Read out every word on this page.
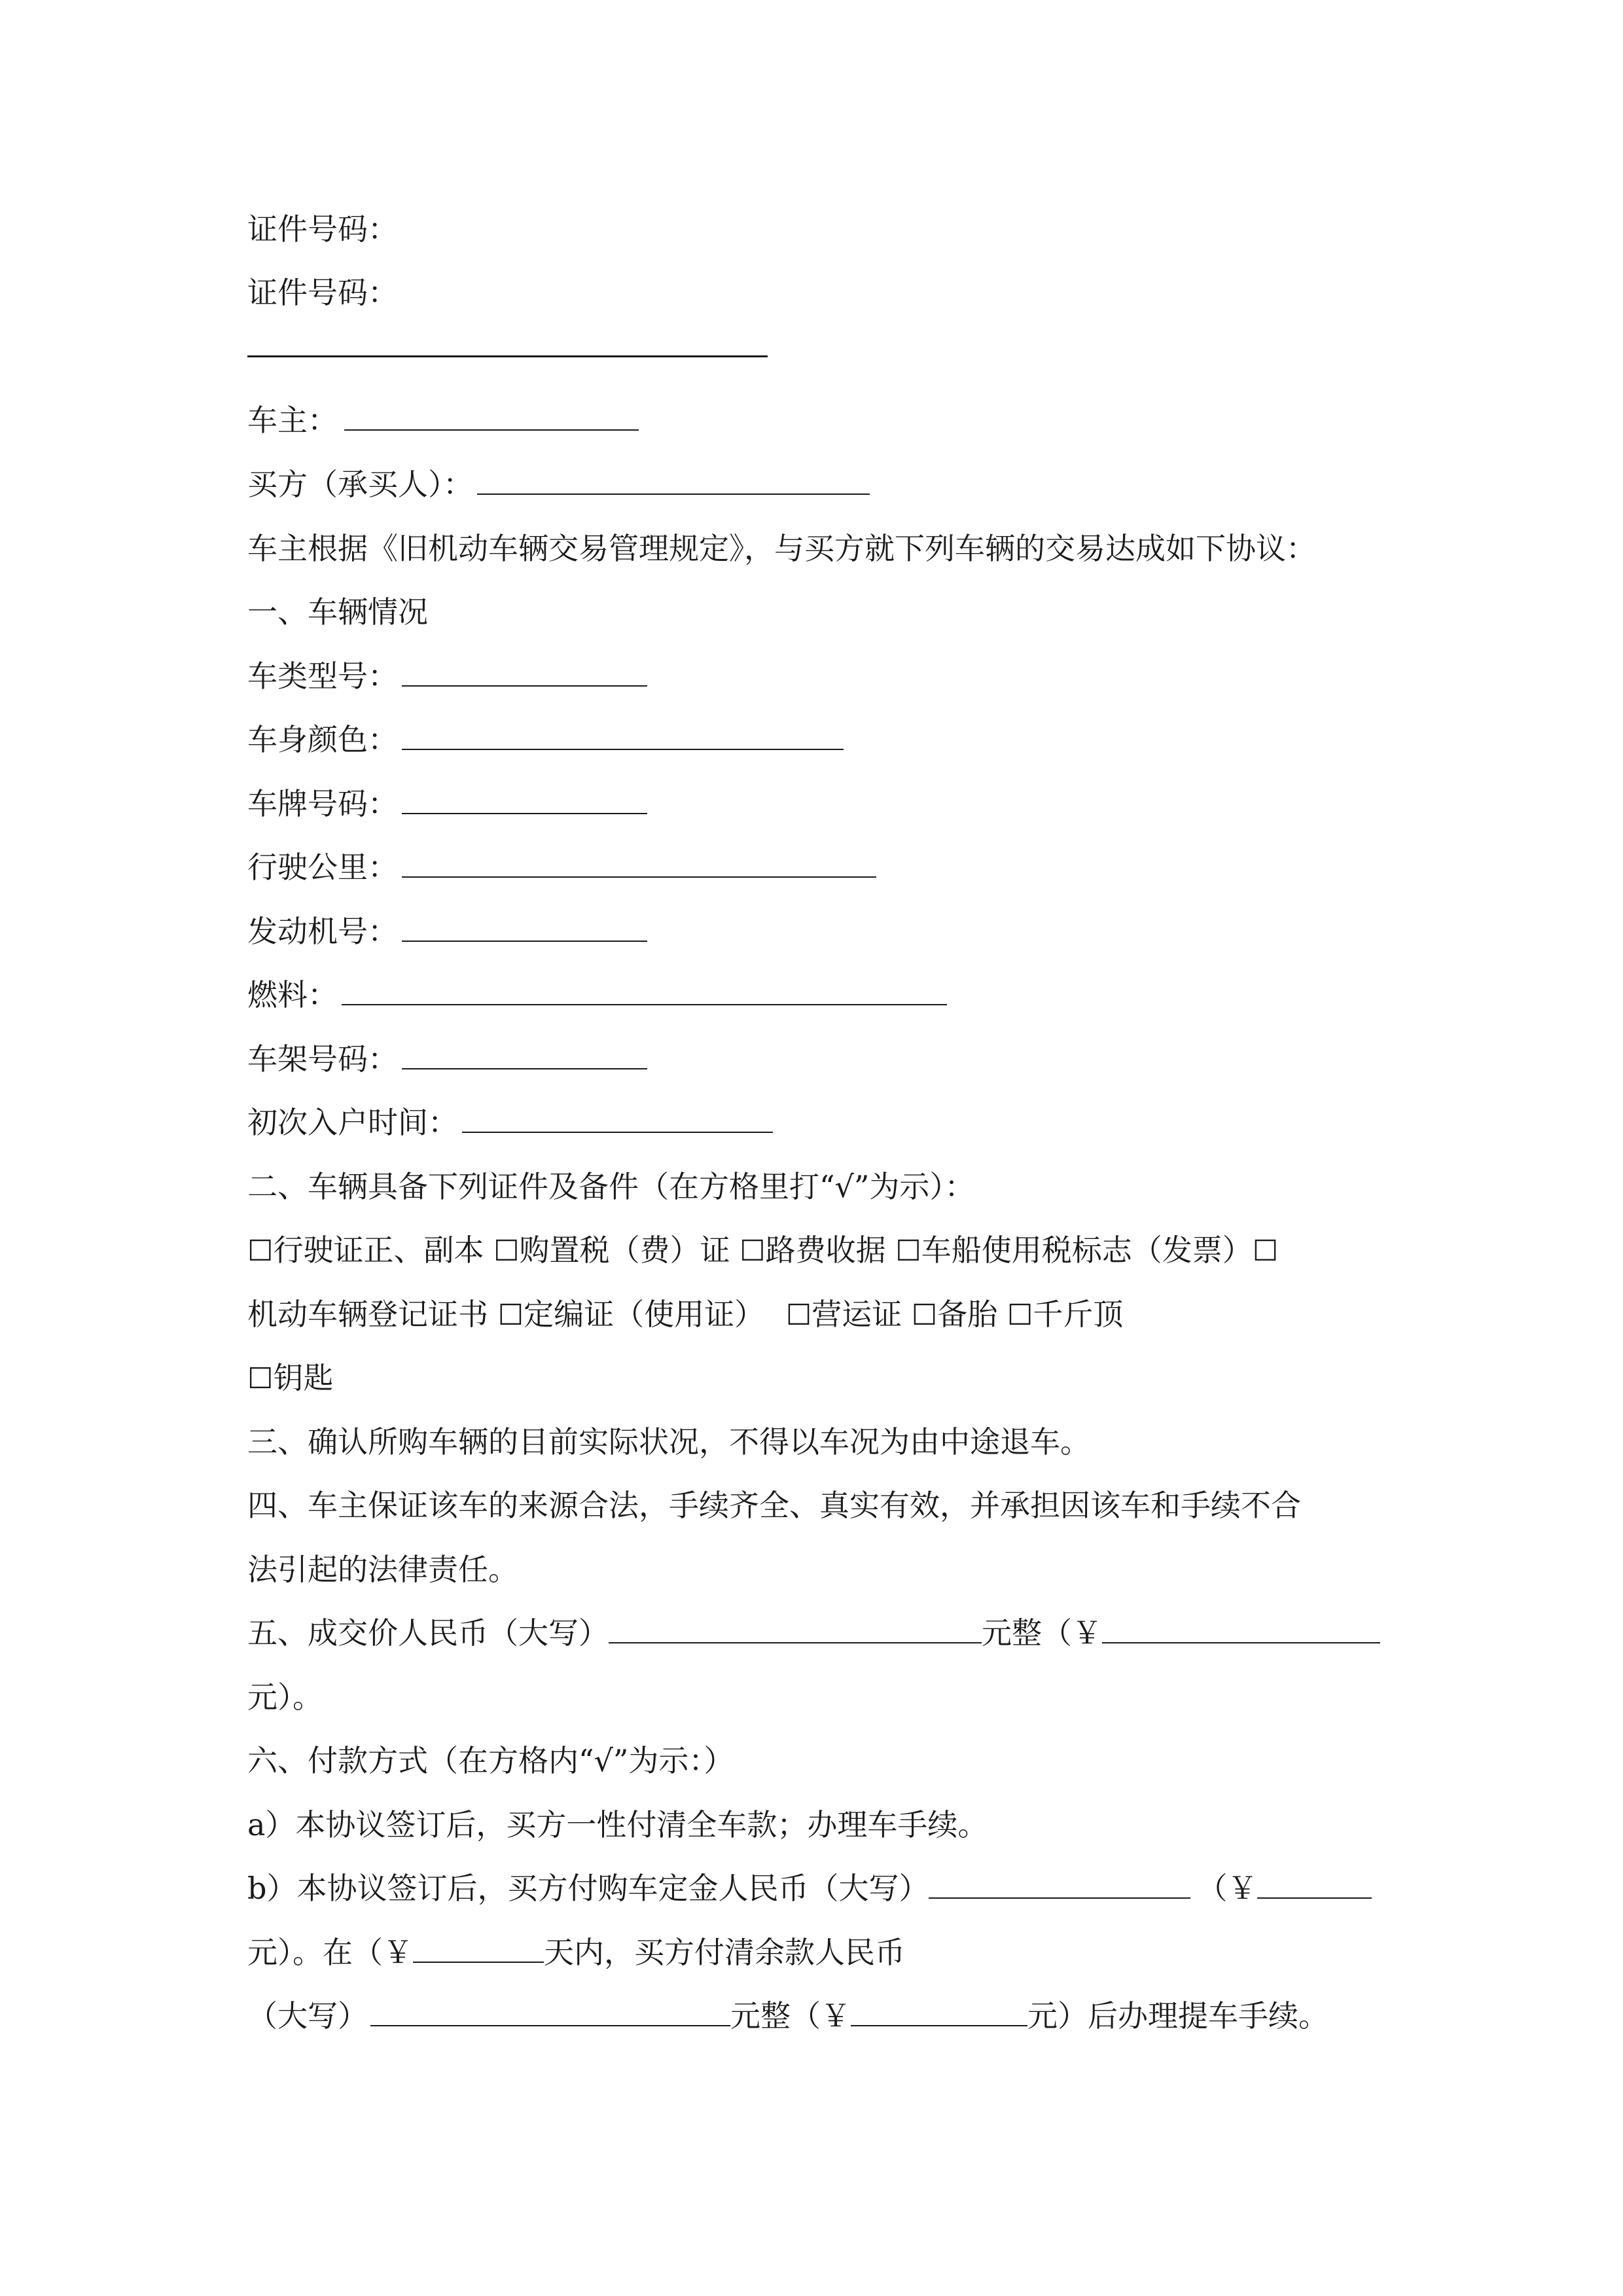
证件号码：
证件号码：
车主：
买方（承买人）：
车主根据《旧机动车辆交易管理规定》，与买方就下列车辆的交易达成如下协议：
一、车辆情况
车类型号：
车身颜色：
车牌号码：
行驶公里：
发动机号：
燃料：
车架号码：
初次入户时间：
二、车辆具备下列证件及备件（在方格里打“√”为示）：
☐行驶证正、副本 ☐购置税（费）证 ☐路费收据 ☐车船使用税标志（发票）☐
机动车辆登记证书 ☐定编证（使用证） ☐营运证 ☐备胎 ☐千斤顶
☐钥匙
三、确认所购车辆的目前实际状况，不得以车况为由中途退车。
四、车主保证该车的来源合法，手续齐全、真实有效，并承担因该车和手续不合
法引起的法律责任。
五、成交价人民币（大写）	元整（￥
元）。
六、付款方式（在方格内“√”为示：）
a）本协议签订后，买方一性付清全车款；办理车手续。
b）本协议签订后，买方付购车定金人民币（大写）	（￥
元）。在（￥	天内，买方付清余款人民币
（大写）	元整（￥	元）后办理提车手续。
